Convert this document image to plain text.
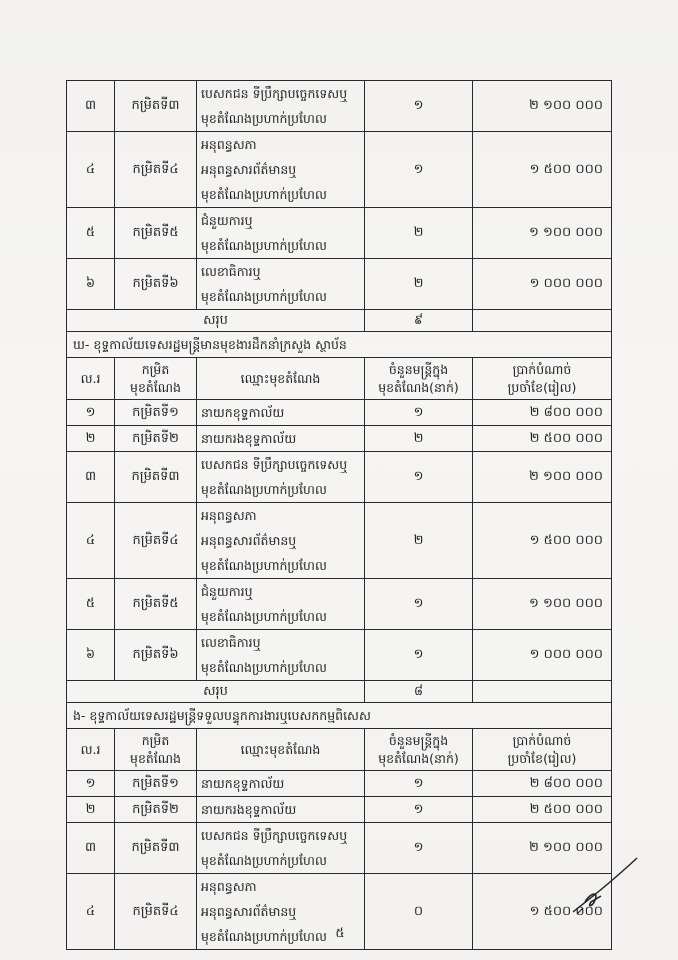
៣	កម្រិតទី៣	បេសកជន ទីប្រឹក្សាបច្ចេកទេសឬ
មុខតំណែងប្រហាក់ប្រហែល	១	២ ១០០ ០០០
៤	កម្រិតទី៤	អនុពន្ធសភា
អនុពន្ធសារព័ត៌មានឬ
មុខតំណែងប្រហាក់ប្រហែល	១	១ ៥០០ ០០០
៥	កម្រិតទី៥	ជំនួយការឬ
មុខតំណែងប្រហាក់ប្រហែល	២	១ ១០០ ០០០
៦	កម្រិតទី៦	លេខាធិការឬ
មុខតំណែងប្រហាក់ប្រហែល	២	១ ០០០ ០០០
សរុប			៩	
ឃ- ខុទ្ទកាល័យទេសរដ្ឋមន្ត្រីមានមុខងារដឹកនាំក្រសួង ស្ថាប័ន				
ល.រ	កម្រិត
មុខតំណែង	ឈ្មោះមុខតំណែង	ចំនួនមន្ត្រីក្នុង
មុខតំណែង(នាក់)	ប្រាក់បំណាច់ប្រចាំខែ(រៀល)
១	កម្រិតទី១	នាយកខុទ្ទកាល័យ	១	២ ៨០០ ០០០
២	កម្រិតទី២	នាយករងខុទ្ទកាល័យ	២	២ ៥០០ ០០០
៣	កម្រិតទី៣	បេសកជន ទីប្រឹក្សាបច្ចេកទេសឬ
មុខតំណែងប្រហាក់ប្រហែល	១	២ ១០០ ០០០
៤	កម្រិតទី៤	អនុពន្ធសភា
អនុពន្ធសារព័ត៌មានឬ
មុខតំណែងប្រហាក់ប្រហែល	២	១ ៥០០ ០០០
៥	កម្រិតទី៥	ជំនួយការឬ
មុខតំណែងប្រហាក់ប្រហែល	១	១ ១០០ ០០០
៦	កម្រិតទី៦	លេខាធិការឬ
មុខតំណែងប្រហាក់ប្រហែល	១	១ ០០០ ០០០
សរុប			៨	
ង- ខុទ្ទកាល័យទេសរដ្ឋមន្ត្រីទទួលបន្ទុកការងារឬបេសកកម្មពិសេស				
ល.រ	កម្រិត
មុខតំណែង	ឈ្មោះមុខតំណែង	ចំនួនមន្ត្រីក្នុង
មុខតំណែង(នាក់)	ប្រាក់បំណាច់ប្រចាំខែ(រៀល)
១	កម្រិតទី១	នាយកខុទ្ទកាល័យ	១	២ ៨០០ ០០០
២	កម្រិតទី២	នាយករងខុទ្ទកាល័យ	១	២ ៥០០ ០០០
៣	កម្រិតទី៣	បេសកជន ទីប្រឹក្សាបច្ចេកទេសឬ
មុខតំណែងប្រហាក់ប្រហែល	១	២ ១០០ ០០០
៤	កម្រិតទី៤	អនុពន្ធសភា
អនុពន្ធសារព័ត៌មានឬ
មុខតំណែងប្រហាក់ប្រហែល	០	១ ៥០០ ០០០
៥
